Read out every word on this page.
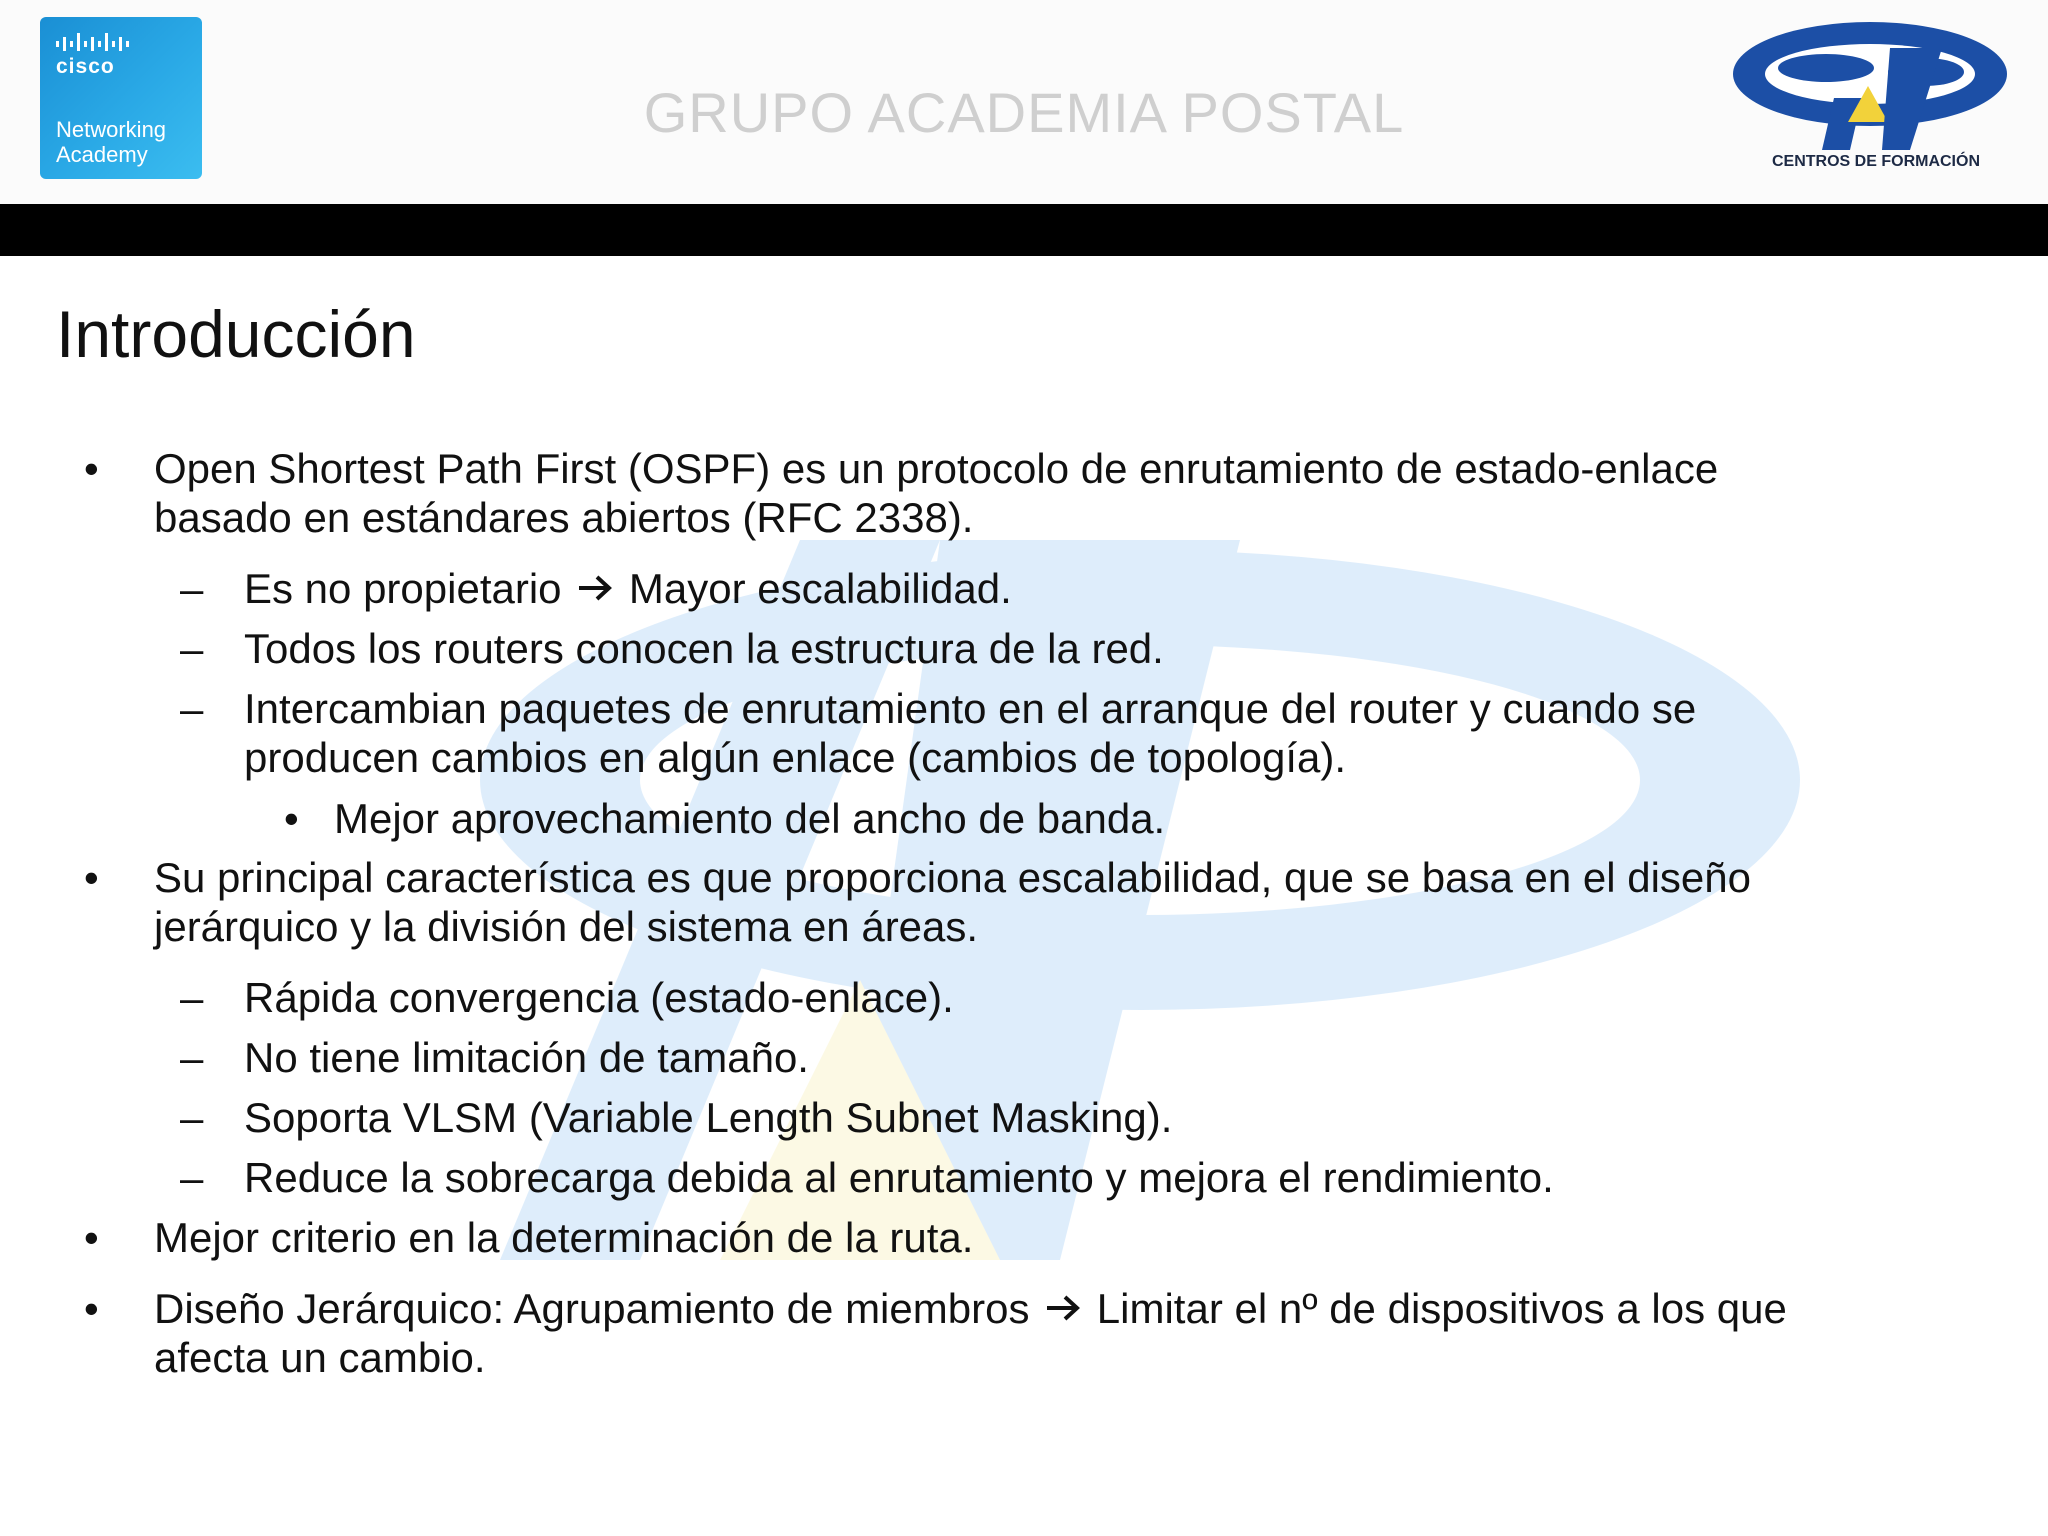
cisco
Networking
Academy
GRUPO ACADEMIA POSTAL
CENTROS DE FORMACIÓN
Introducción
• Open Shortest Path First (OSPF) es un protocolo de enrutamiento de estado-enlace
basado en estándares abiertos (RFC 2338).
– Es no propietario Mayor escalabilidad.
– Todos los routers conocen la estructura de la red.
– Intercambian paquetes de enrutamiento en el arranque del router y cuando se
producen cambios en algún enlace (cambios de topología).
• Mejor aprovechamiento del ancho de banda.
• Su principal característica es que proporciona escalabilidad, que se basa en el diseño
jerárquico y la división del sistema en áreas.
– Rápida convergencia (estado-enlace).
– No tiene limitación de tamaño.
– Soporta VLSM (Variable Length Subnet Masking).
– Reduce la sobrecarga debida al enrutamiento y mejora el rendimiento.
• Mejor criterio en la determinación de la ruta.
• Diseño Jerárquico: Agrupamiento de miembros  Limitar el nº de dispositivos a los que
afecta un cambio.
